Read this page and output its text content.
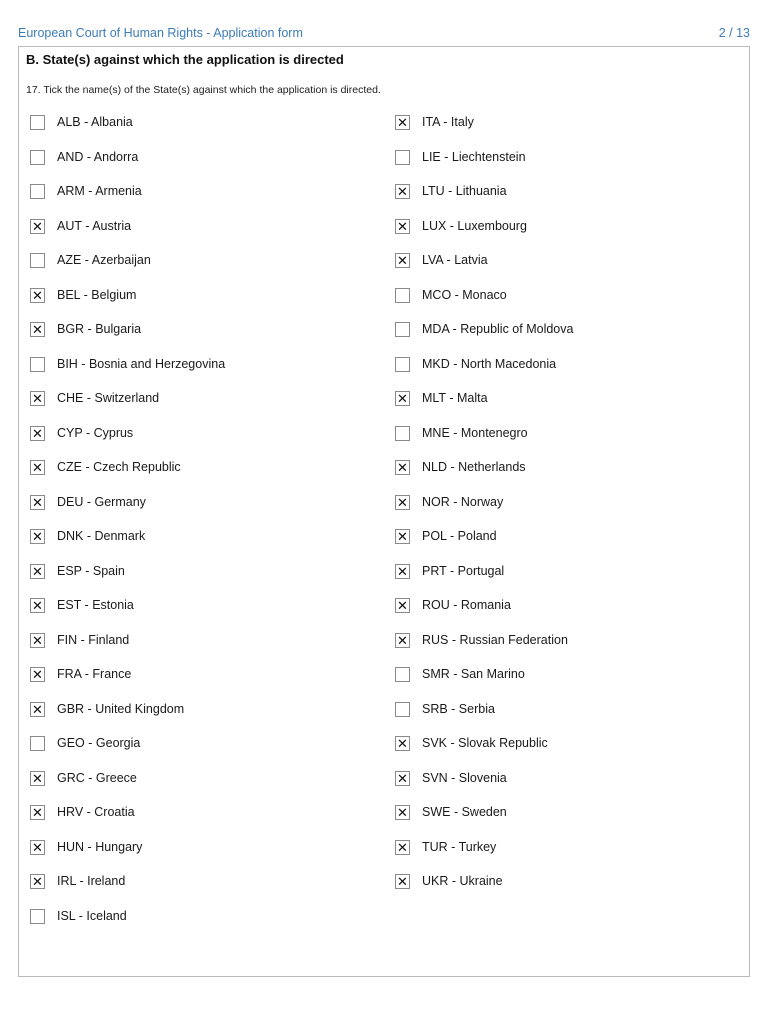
European Court of Human Rights - Application form	2 / 13
B. State(s) against which the application is directed
17. Tick the name(s) of the State(s) against which the application is directed.
ALB - Albania
AND - Andorra
ARM - Armenia
✕ AUT - Austria
AZE - Azerbaijan
✕ BEL - Belgium
✕ BGR - Bulgaria
BIH - Bosnia and Herzegovina
✕ CHE - Switzerland
✕ CYP - Cyprus
✕ CZE - Czech Republic
✕ DEU - Germany
✕ DNK - Denmark
✕ ESP - Spain
✕ EST - Estonia
✕ FIN - Finland
✕ FRA - France
✕ GBR - United Kingdom
GEO - Georgia
✕ GRC - Greece
✕ HRV - Croatia
✕ HUN - Hungary
✕ IRL - Ireland
ISL - Iceland
✕ ITA - Italy
LIE - Liechtenstein
✕ LTU - Lithuania
✕ LUX - Luxembourg
✕ LVA - Latvia
MCO - Monaco
MDA - Republic of Moldova
MKD - North Macedonia
✕ MLT - Malta
MNE - Montenegro
✕ NLD - Netherlands
✕ NOR - Norway
✕ POL - Poland
✕ PRT - Portugal
✕ ROU - Romania
✕ RUS - Russian Federation
SMR - San Marino
SRB - Serbia
✕ SVK - Slovak Republic
✕ SVN - Slovenia
✕ SWE - Sweden
✕ TUR - Turkey
✕ UKR - Ukraine
